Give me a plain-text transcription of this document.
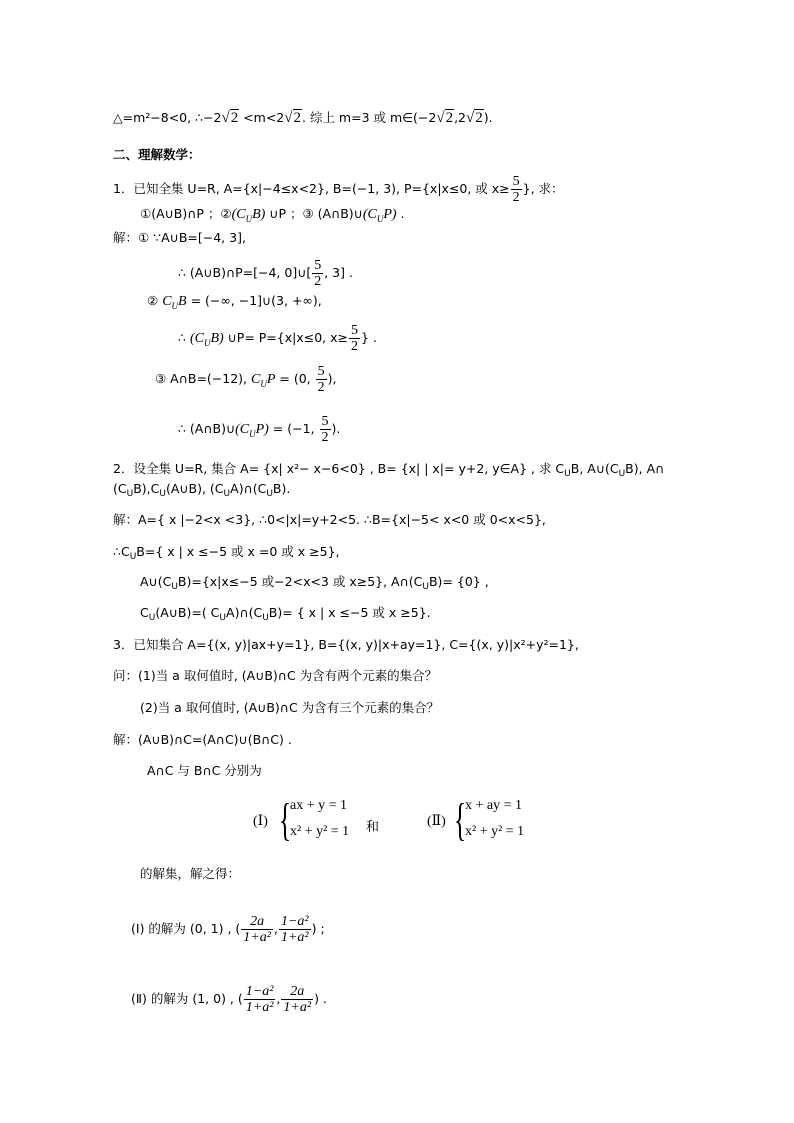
△=m²−8<0, ∴−2√2 <m<2√2. 综上 m=3 或 m∈(−2√2,2√2).
二、理解数学：
1．已知全集 U=R, A={x|−4≤x<2}, B=(−1, 3), P={x|x≤0, 或 $x\ge \frac{5}{2}$ }, 求：
①(A∪B)∩P ；$②(C_UB)$ ∪P ；③ $(A\cap B)\cup(C_UP)$ .
解：① ∵A∪B=[−4, 3],
∴ (A∪B)∩P=[−4, 0]∪[ $\frac{5}{2}$ , 3] .
② $C_UB$ = (−∞, −1]∪(3, +∞),
∴ $(C_UB)$ ∪P= P={x|x≤0, $x\ge \frac{5}{2}$ } .
③ A∩B=(−12), $C_UP = (0$, $\frac{5}{2}$ ),
∴ $(A\cap B)\cup(C_UP) = (-1$, $\frac{5}{2}$ ).
2．设全集 U=R, 集合 A= {x| x²− x−6<0} , B= {x| | x|= y+2, y∈A} , 求 $C_UB$, $A\cup(C_UB)$, A∩
$(C_UB),C_U(A\cup B)$, $(C_UA)\cap(C_UB)$.
解：A={ x |−2<x <3}, ∴0<|x|=y+2<5. ∴B={x|−5< x<0 或 0<x<5},
$\therefore C_UB=${ x | x ≤−5 或 x =0 或 x ≥5},
$A\cup(C_UB)=\{x|x\le-5$ 或−2<x<3 或 x≥5}, $A\cap(C_UB)= \{0\}$ ,
$C_U(A\cup B)=$( $C_UA)\cap(C_UB)=$ { x | x ≤−5 或 x ≥5}.
3．已知集合 A={(x, y)|ax+y=1}, B={(x, y)|x+ay=1}, C={(x, y)|x²+y²=1},
问：(1)当 a 取何值时, (A∪B)∩C 为含有两个元素的集合？
(2)当 a 取何值时, (A∪B)∩C 为含有三个元素的集合？
解：(A∪B)∩C=(A∩C)∪(B∩C) .
A∩C 与 B∩C 分别为
(Ⅰ) {
ax + y = 1
x² + y² = 1 和	(Ⅱ) {
x + ay = 1
x² + y² = 1
的解集，解之得：
(Ⅰ) 的解为 (0, 1) , ( $\frac{2a}{\text{1+a²}}$ , $\frac{\text{1−a²}}{\text{1+a²}}$ ) ;
(Ⅱ) 的解为 (1, 0) , ( $\frac{\text{1−a²}}{\text{1+a²}}$ , $\frac{2a}{\text{1+a²}}$ ) .
